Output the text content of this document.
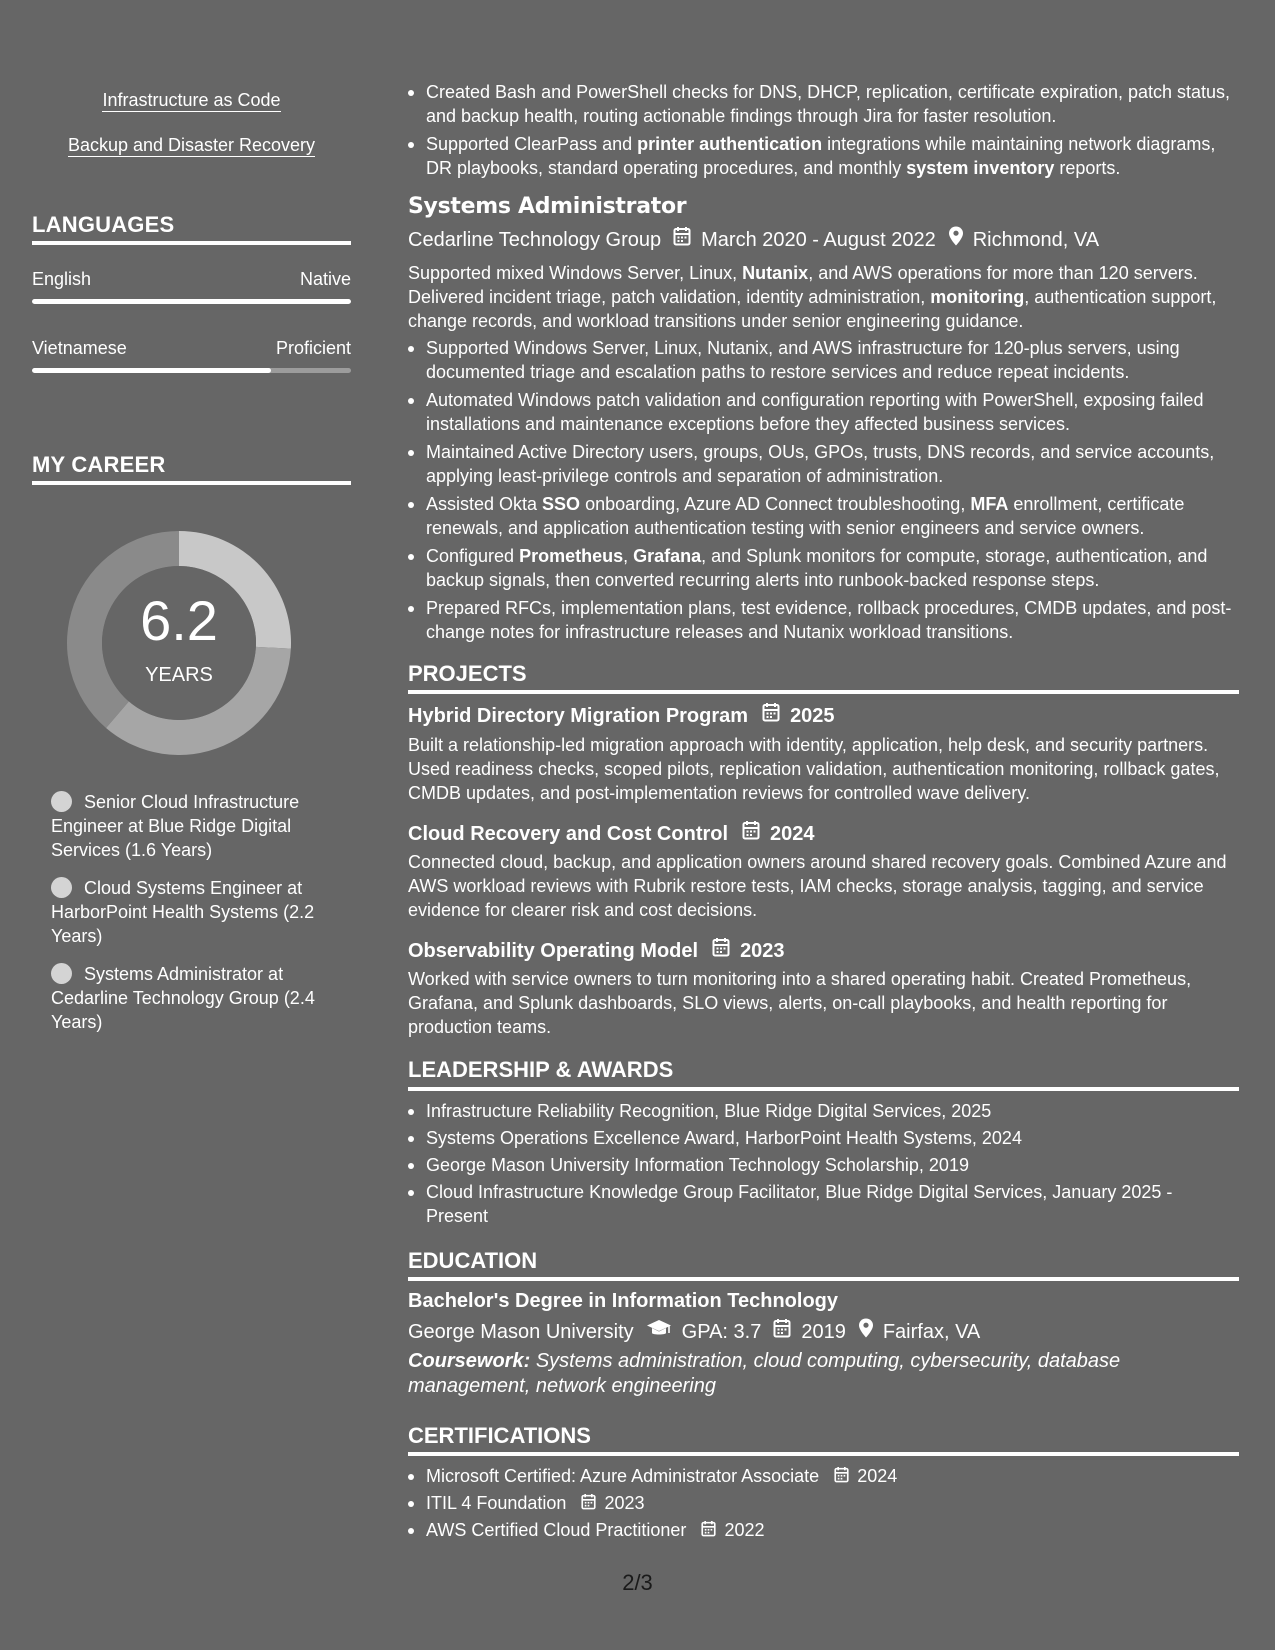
Infrastructure as Code
Backup and Disaster Recovery
LANGUAGES
English	Native
Vietnamese	Proficient
MY CAREER
6.2
YEARS
Senior Cloud Infrastructure Engineer at Blue Ridge Digital Services (1.6 Years)
Cloud Systems Engineer at HarborPoint Health Systems (2.2 Years)
Systems Administrator at Cedarline Technology Group (2.4 Years)
Created Bash and PowerShell checks for DNS, DHCP, replication, certificate expiration, patch status, and backup health, routing actionable findings through Jira for faster resolution.
Supported ClearPass and printer authentication integrations while maintaining network diagrams, DR playbooks, standard operating procedures, and monthly system inventory reports.
Systems Administrator
Cedarline Technology Group March 2020 - August 2022 Richmond, VA
Supported mixed Windows Server, Linux, Nutanix, and AWS operations for more than 120 servers. Delivered incident triage, patch validation, identity administration, monitoring, authentication support, change records, and workload transitions under senior engineering guidance.
Supported Windows Server, Linux, Nutanix, and AWS infrastructure for 120-plus servers, using documented triage and escalation paths to restore services and reduce repeat incidents.
Automated Windows patch validation and configuration reporting with PowerShell, exposing failed installations and maintenance exceptions before they affected business services.
Maintained Active Directory users, groups, OUs, GPOs, trusts, DNS records, and service accounts, applying least-privilege controls and separation of administration.
Assisted Okta SSO onboarding, Azure AD Connect troubleshooting, MFA enrollment, certificate renewals, and application authentication testing with senior engineers and service owners.
Configured Prometheus, Grafana, and Splunk monitors for compute, storage, authentication, and backup signals, then converted recurring alerts into runbook-backed response steps.
Prepared RFCs, implementation plans, test evidence, rollback procedures, CMDB updates, and post-change notes for infrastructure releases and Nutanix workload transitions.
PROJECTS
Hybrid Directory Migration Program 2025
Built a relationship-led migration approach with identity, application, help desk, and security partners. Used readiness checks, scoped pilots, replication validation, authentication monitoring, rollback gates, CMDB updates, and post-implementation reviews for controlled wave delivery.
Cloud Recovery and Cost Control 2024
Connected cloud, backup, and application owners around shared recovery goals. Combined Azure and AWS workload reviews with Rubrik restore tests, IAM checks, storage analysis, tagging, and service evidence for clearer risk and cost decisions.
Observability Operating Model 2023
Worked with service owners to turn monitoring into a shared operating habit. Created Prometheus, Grafana, and Splunk dashboards, SLO views, alerts, on-call playbooks, and health reporting for production teams.
LEADERSHIP & AWARDS
Infrastructure Reliability Recognition, Blue Ridge Digital Services, 2025
Systems Operations Excellence Award, HarborPoint Health Systems, 2024
George Mason University Information Technology Scholarship, 2019
Cloud Infrastructure Knowledge Group Facilitator, Blue Ridge Digital Services, January 2025 - Present
EDUCATION
Bachelor's Degree in Information Technology
George Mason University GPA: 3.7 2019 Fairfax, VA
Coursework: Systems administration, cloud computing, cybersecurity, database management, network engineering
CERTIFICATIONS
Microsoft Certified: Azure Administrator Associate 2024
ITIL 4 Foundation 2023
AWS Certified Cloud Practitioner 2022
2/3
